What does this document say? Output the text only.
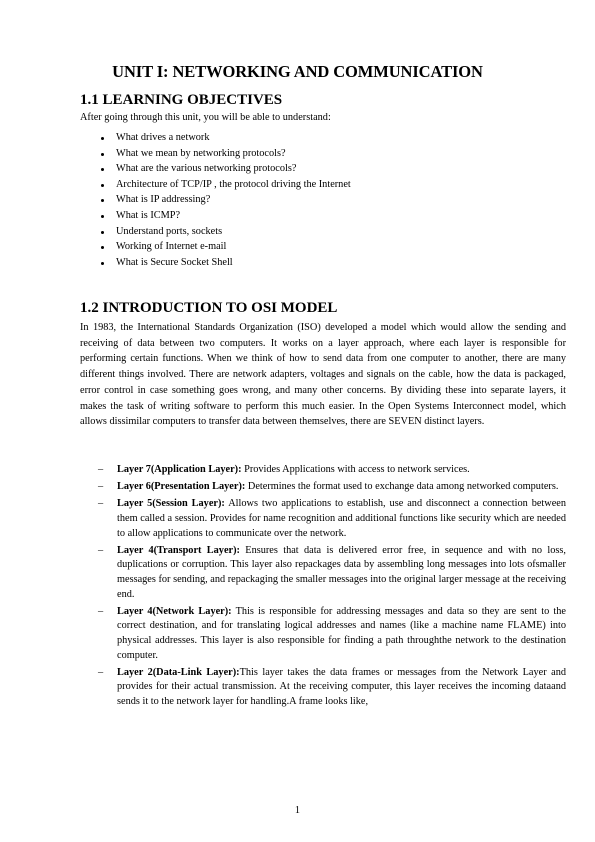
UNIT I: NETWORKING AND COMMUNICATION
1.1 LEARNING OBJECTIVES
After going through this unit, you will be able to understand:
What drives a network
What we mean by networking protocols?
What are the various networking protocols?
Architecture of TCP/IP , the protocol driving the Internet
What is IP addressing?
What is ICMP?
Understand ports, sockets
Working of Internet e-mail
What is Secure Socket Shell
1.2 INTRODUCTION TO OSI MODEL

In 1983, the International Standards Organization (ISO) developed a model which would allow the sending and receiving of data between two computers. It works on a layer approach, where each layer is responsible for performing certain functions. When we think of how to send data from one computer to another, there are many different things involved. There are network adapters, voltages and signals on the cable, how the data is packaged, error control in case something goes wrong, and many other concerns. By dividing these into separate layers, it makes the task of writing software to perform this much easier. In the Open Systems Interconnect model, which allows dissimilar computers to transfer data between themselves, there are SEVEN distinct layers.

– Layer 7(Application Layer): Provides Applications with access to network services.
– Layer 6(Presentation Layer): Determines the format used to exchange data among networked computers.
– Layer 5(Session Layer): Allows two applications to establish, use and disconnect a connection between them called a session. Provides for name recognition and additional functions like security which are needed to allow applications to communicate over the network.
– Layer 4(Transport Layer): Ensures that data is delivered error free, in sequence and with no loss, duplications or corruption. This layer also repackages data by assembling long messages into lots ofsmaller messages for sending, and repackaging the smaller messages into the original larger message at the receiving end.
– Layer 4(Network Layer): This is responsible for addressing messages and data so they are sent to the correct destination, and for translating logical addresses and names (like a machine name FLAME) into physical addresses. This layer is also responsible for finding a path throughthe network to the destination computer.
– Layer 2(Data-Link Layer):This layer takes the data frames or messages from the Network Layer and provides for their actual transmission. At the receiving computer, this layer receives the incoming dataand sends it to the network layer for handling.A frame looks like,
1
